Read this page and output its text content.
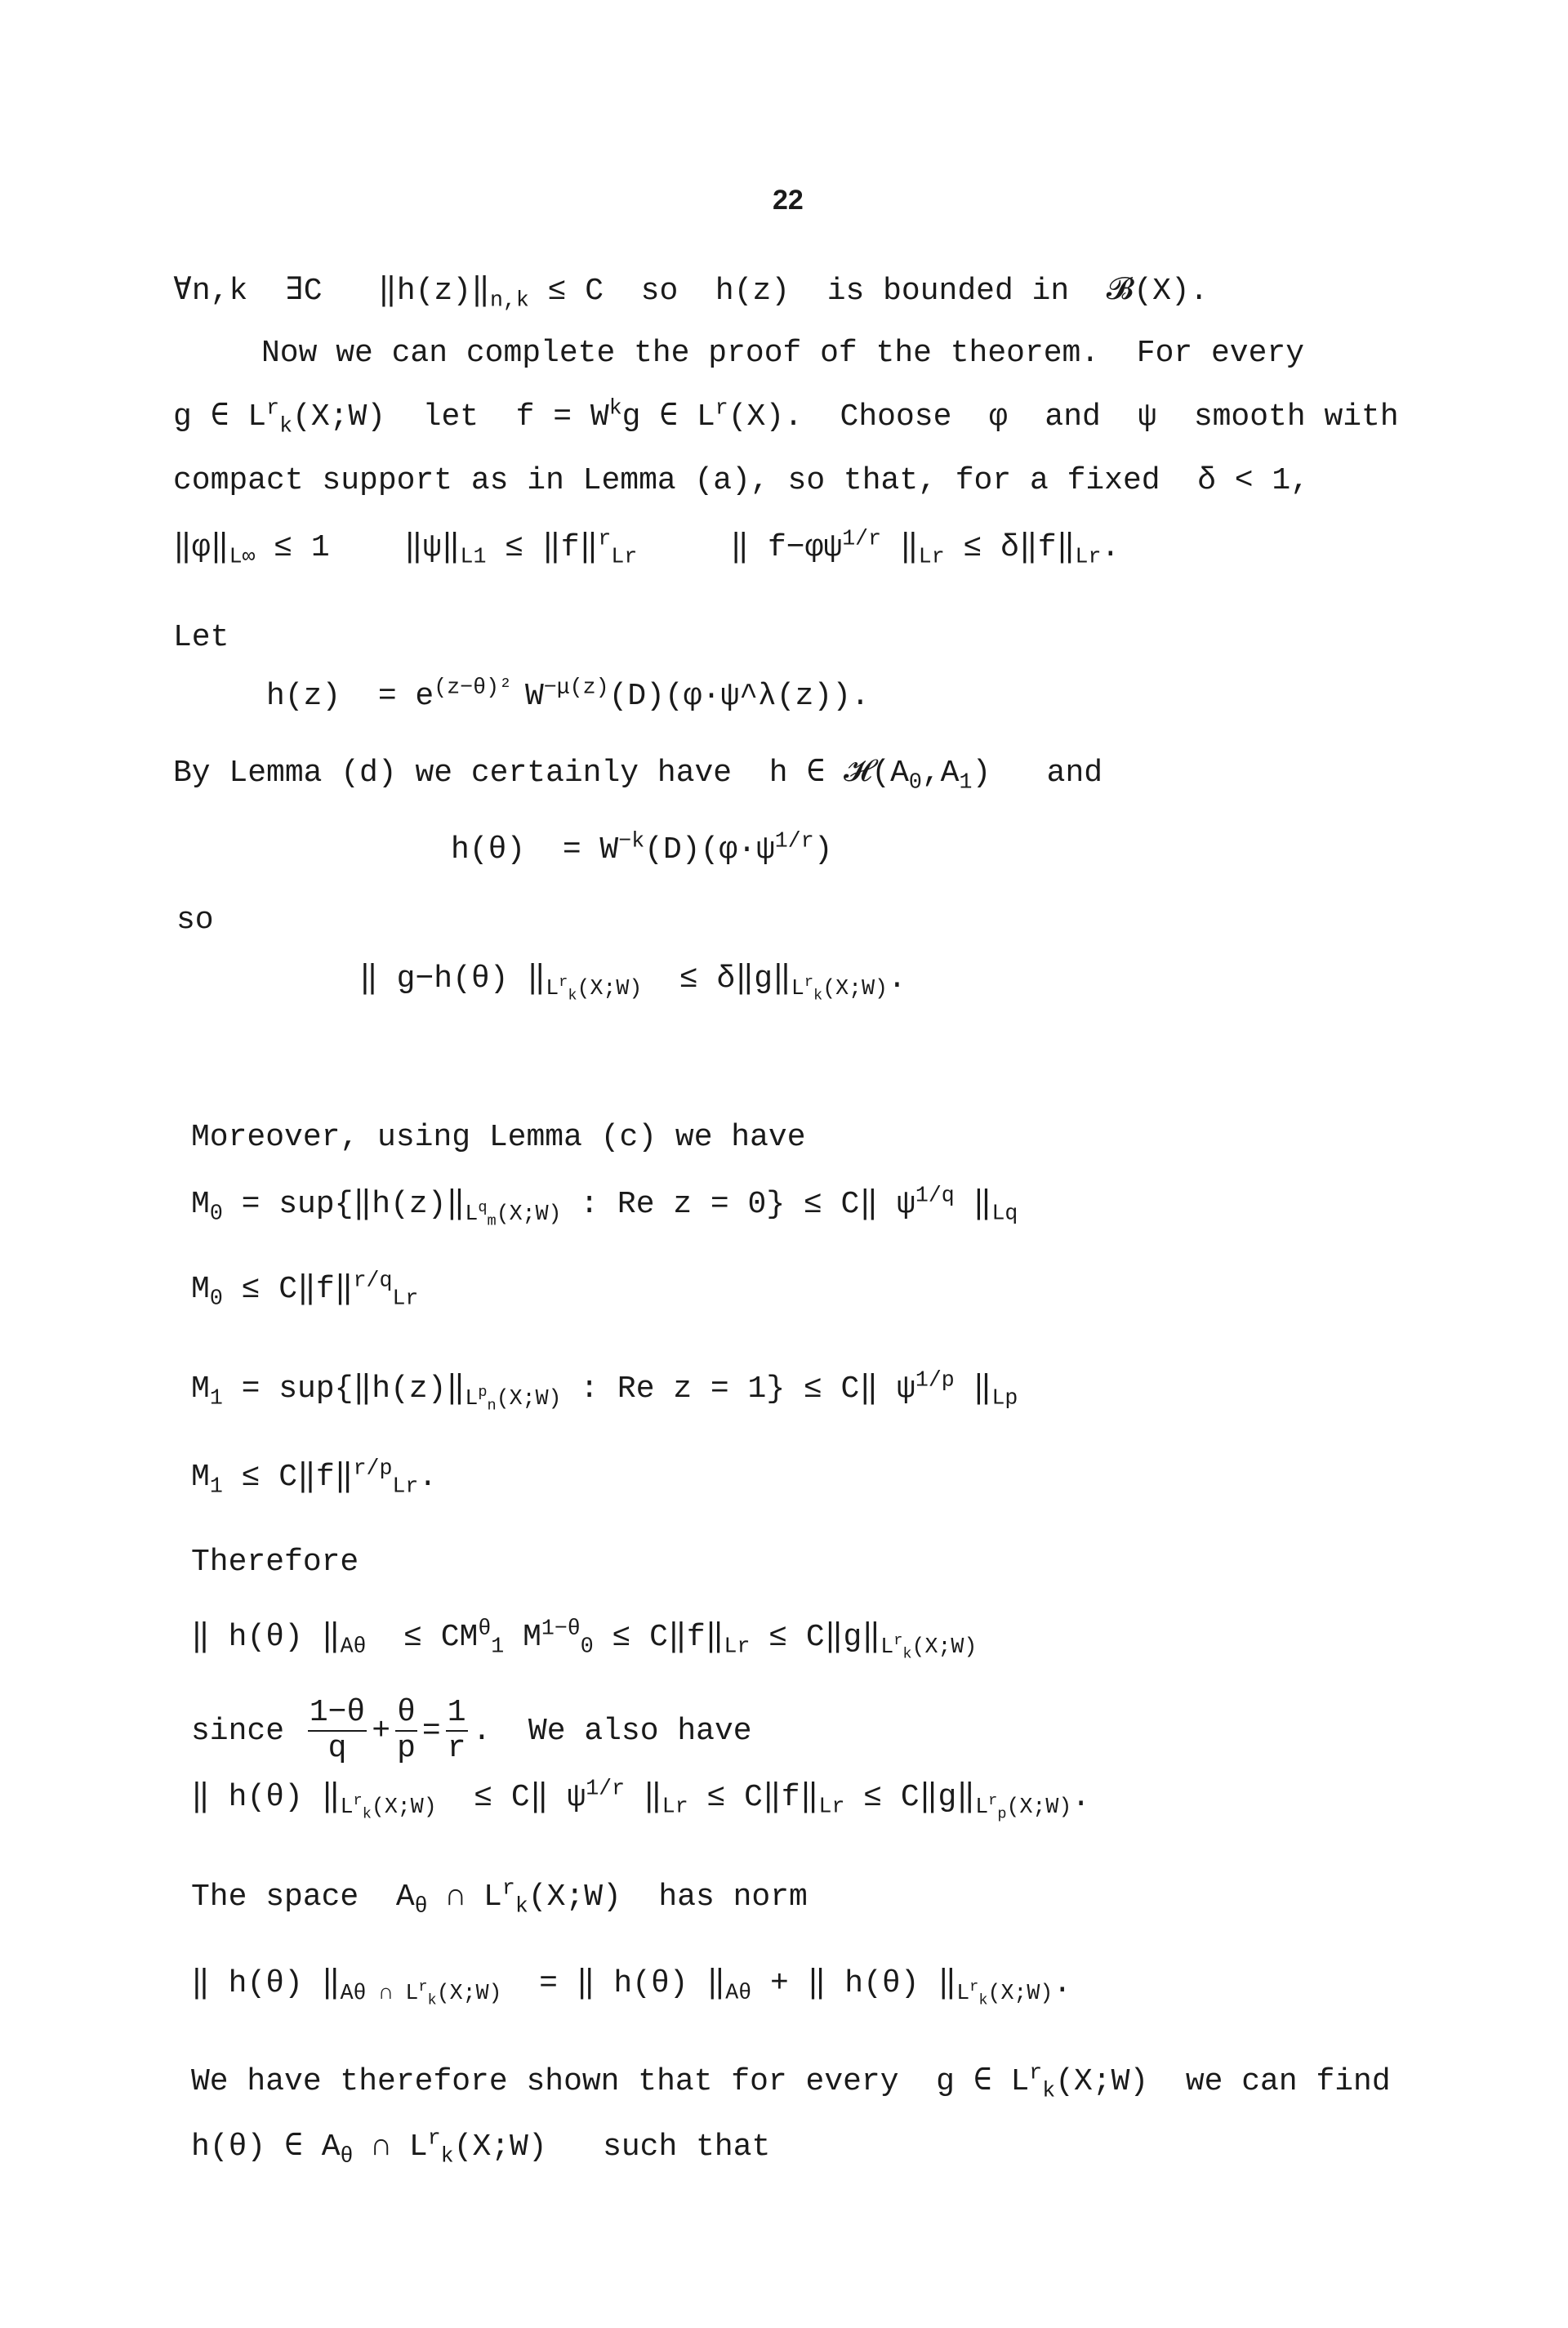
22
∀n,k  ∃C   $‖h(z)‖_{n,k} \le C$  so  h(z)  is bounded in  𝓑(X).
Now we can complete the proof of the theorem.  For every
g ∈ $L^r_k(X;W)$  let  $f = W^kg$ ∈ $L^r(X)$.  Choose  φ  and  ψ  smooth with
compact support as in Lemma (a), so that, for a fixed  δ < 1,
$‖\varphi‖_{L\infty} \le 1$    $‖\psi‖_{L1}$ ≤ ‖f‖$^r_{Lr}$     ‖ $f-\varphi\psi^{1/r}$ $‖_{Lr}$ ≤ $\delta‖f‖_{Lr}$.
Let
$h(z) = e^{(z-\theta)^2}$ $W^{-\mu(z)}(D)(\varphi\cdot\psi\^{}\lambda(z))$.
By Lemma (d) we certainly have  h ∈ $𝓗(A_0,A_1)$   and
$h(\theta) = W^{-k}(D)(\varphi\cdot\psi^{1/r})$
so
‖ g−h(θ) $‖_{L^r_k(X;W)}$  ≤ $\delta‖g‖_{L^r_k(X;W)}$.
Moreover, using Lemma (c) we have
$M_0$ = $sup\{‖h(z)‖_{L^q_m(X;W)}$ : Re z = 0} ≤ C‖ $\psi^{1/q}$ $‖_{Lq}$
$M_0$ ≤ C‖f‖$^{r/q}_{Lr}$
$M_1$ = $sup\{‖h(z)‖_{L^p_n(X;W)}$ : Re z = 1} ≤ C‖ $\psi^{1/p}$ $‖_{Lp}$
$M_1$ ≤ C‖f‖$^{r/p}_{Lr}$.
Therefore
‖ h(θ) $‖_{A\theta} \le CM^\theta_1$ $M^{1-\theta}_0$ ≤ $C‖f‖_{Lr}$ ≤ $C‖g‖_{L^r_k(X;W)}$
since $\frac{1-\theta}{q} + \frac{\theta}{p} = \frac{1}{r}$ .  We also have
‖ h(θ) $‖_{L^r_k(X;W)}$  ≤ C‖ $\psi^{1/r}$ $‖_{Lr}$ ≤ $C‖f‖_{Lr}$ ≤ $C‖g‖_{L^r_p(X;W)}$.
The space  $A_\theta$ ∩ $L^r_k(X;W)$  has norm
‖ h(θ) $‖_{A\theta \cap L^r_k(X;W)}$  = ‖ h(θ) $‖_{A\theta}$ + ‖ h(θ) $‖_{L^r_k(X;W)}$.
We have therefore shown that for every  g ∈ $L^r_k(X;W)$  we can find
h(θ) ∈ $A_\theta$ ∩ $L^r_k(X;W)$   such that
